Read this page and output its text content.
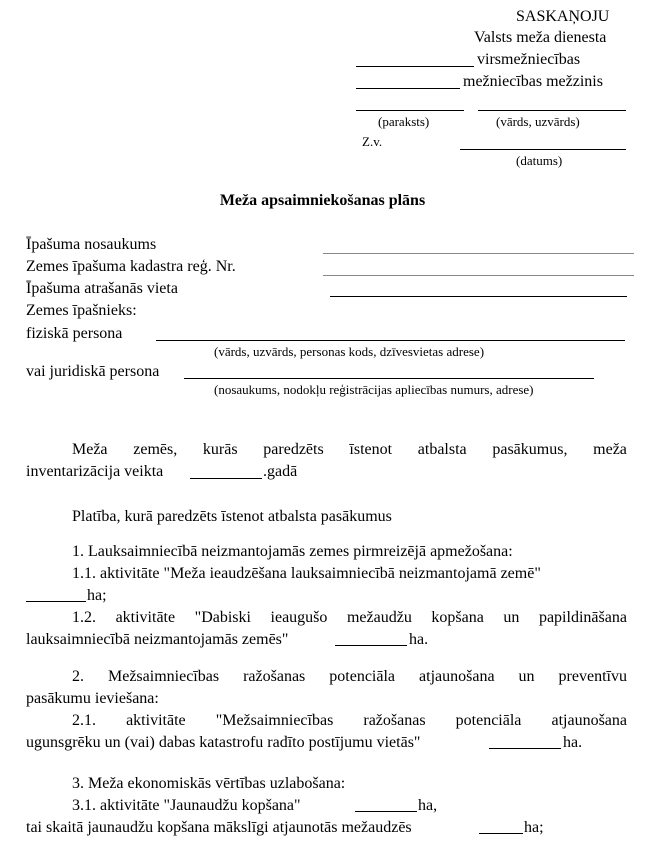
SASKAŅOJU
Valsts meža dienesta
virsmežniecības
mežniecības mežzinis
(paraksts)	(vārds, uzvārds)
Z.v.
(datums)
Meža apsaimniekošanas plāns
Īpašuma nosaukums
Zemes īpašuma kadastra reģ. Nr.
Īpašuma atrašanās vieta
Zemes īpašnieks:
fiziskā persona
(vārds, uzvārds, personas kods, dzīvesvietas adrese)
vai juridiskā persona
(nosaukums, nodokļu reģistrācijas apliecības numurs, adrese)
Meža zemēs, kurās paredzēts īstenot atbalsta pasākumus, meža
inventarizācija veikta	.gadā
Platība, kurā paredzēts īstenot atbalsta pasākumus
1. Lauksaimniecībā neizmantojamās zemes pirmreizējā apmežošana:
1.1. aktivitāte "Meža ieaudzēšana lauksaimniecībā neizmantojamā zemē"
ha;
1.2. aktivitāte "Dabiski ieaugušo mežaudžu kopšana un papildināšana
lauksaimniecībā neizmantojamās zemēs"	ha.
2. Mežsaimniecības ražošanas potenciāla atjaunošana un preventīvu
pasākumu ieviešana:
2.1. aktivitāte "Mežsaimniecības ražošanas potenciāla atjaunošana
ugunsgrēku un (vai) dabas katastrofu radīto postījumu vietās"	ha.
3. Meža ekonomiskās vērtības uzlabošana:
3.1. aktivitāte "Jaunaudžu kopšana"	ha,
tai skaitā jaunaudžu kopšana mākslīgi atjaunotās mežaudzēs	ha;
